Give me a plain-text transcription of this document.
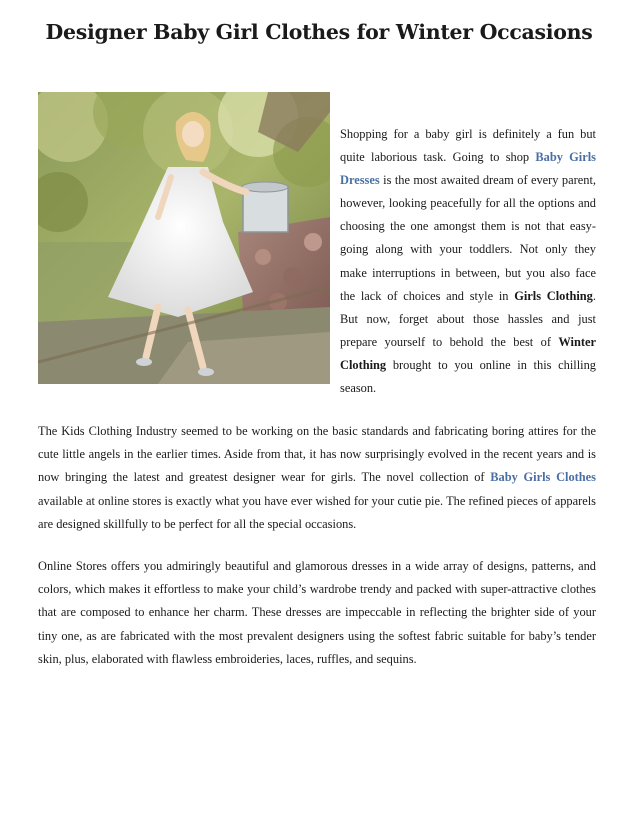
Designer Baby Girl Clothes for Winter Occasions

Shopping for a baby girl is definitely a fun but quite laborious task. Going to shop Baby Girls Dresses is the most awaited dream of every parent, however, looking peacefully for all the options and choosing the one amongst them is not that easy-going along with your toddlers. Not only they make interruptions in between, but you also face the lack of choices and style in Girls Clothing. But now, forget about those hassles and just prepare yourself to behold the best of Winter Clothing brought to you online in this chilling season.

The Kids Clothing Industry seemed to be working on the basic standards and fabricating boring attires for the cute little angels in the earlier times. Aside from that, it has now surprisingly evolved in the recent years and is now bringing the latest and greatest designer wear for girls. The novel collection of Baby Girls Clothes available at online stores is exactly what you have ever wished for your cutie pie. The refined pieces of apparels are designed skillfully to be perfect for all the special occasions.

Online Stores offers you admiringly beautiful and glamorous dresses in a wide array of designs, patterns, and colors, which makes it effortless to make your child’s wardrobe trendy and packed with super-attractive clothes that are composed to enhance her charm. These dresses are impeccable in reflecting the brighter side of your tiny one, as are fabricated with the most prevalent designers using the softest fabric suitable for baby’s tender skin, plus, elaborated with flawless embroideries, laces, ruffles, and sequins.
